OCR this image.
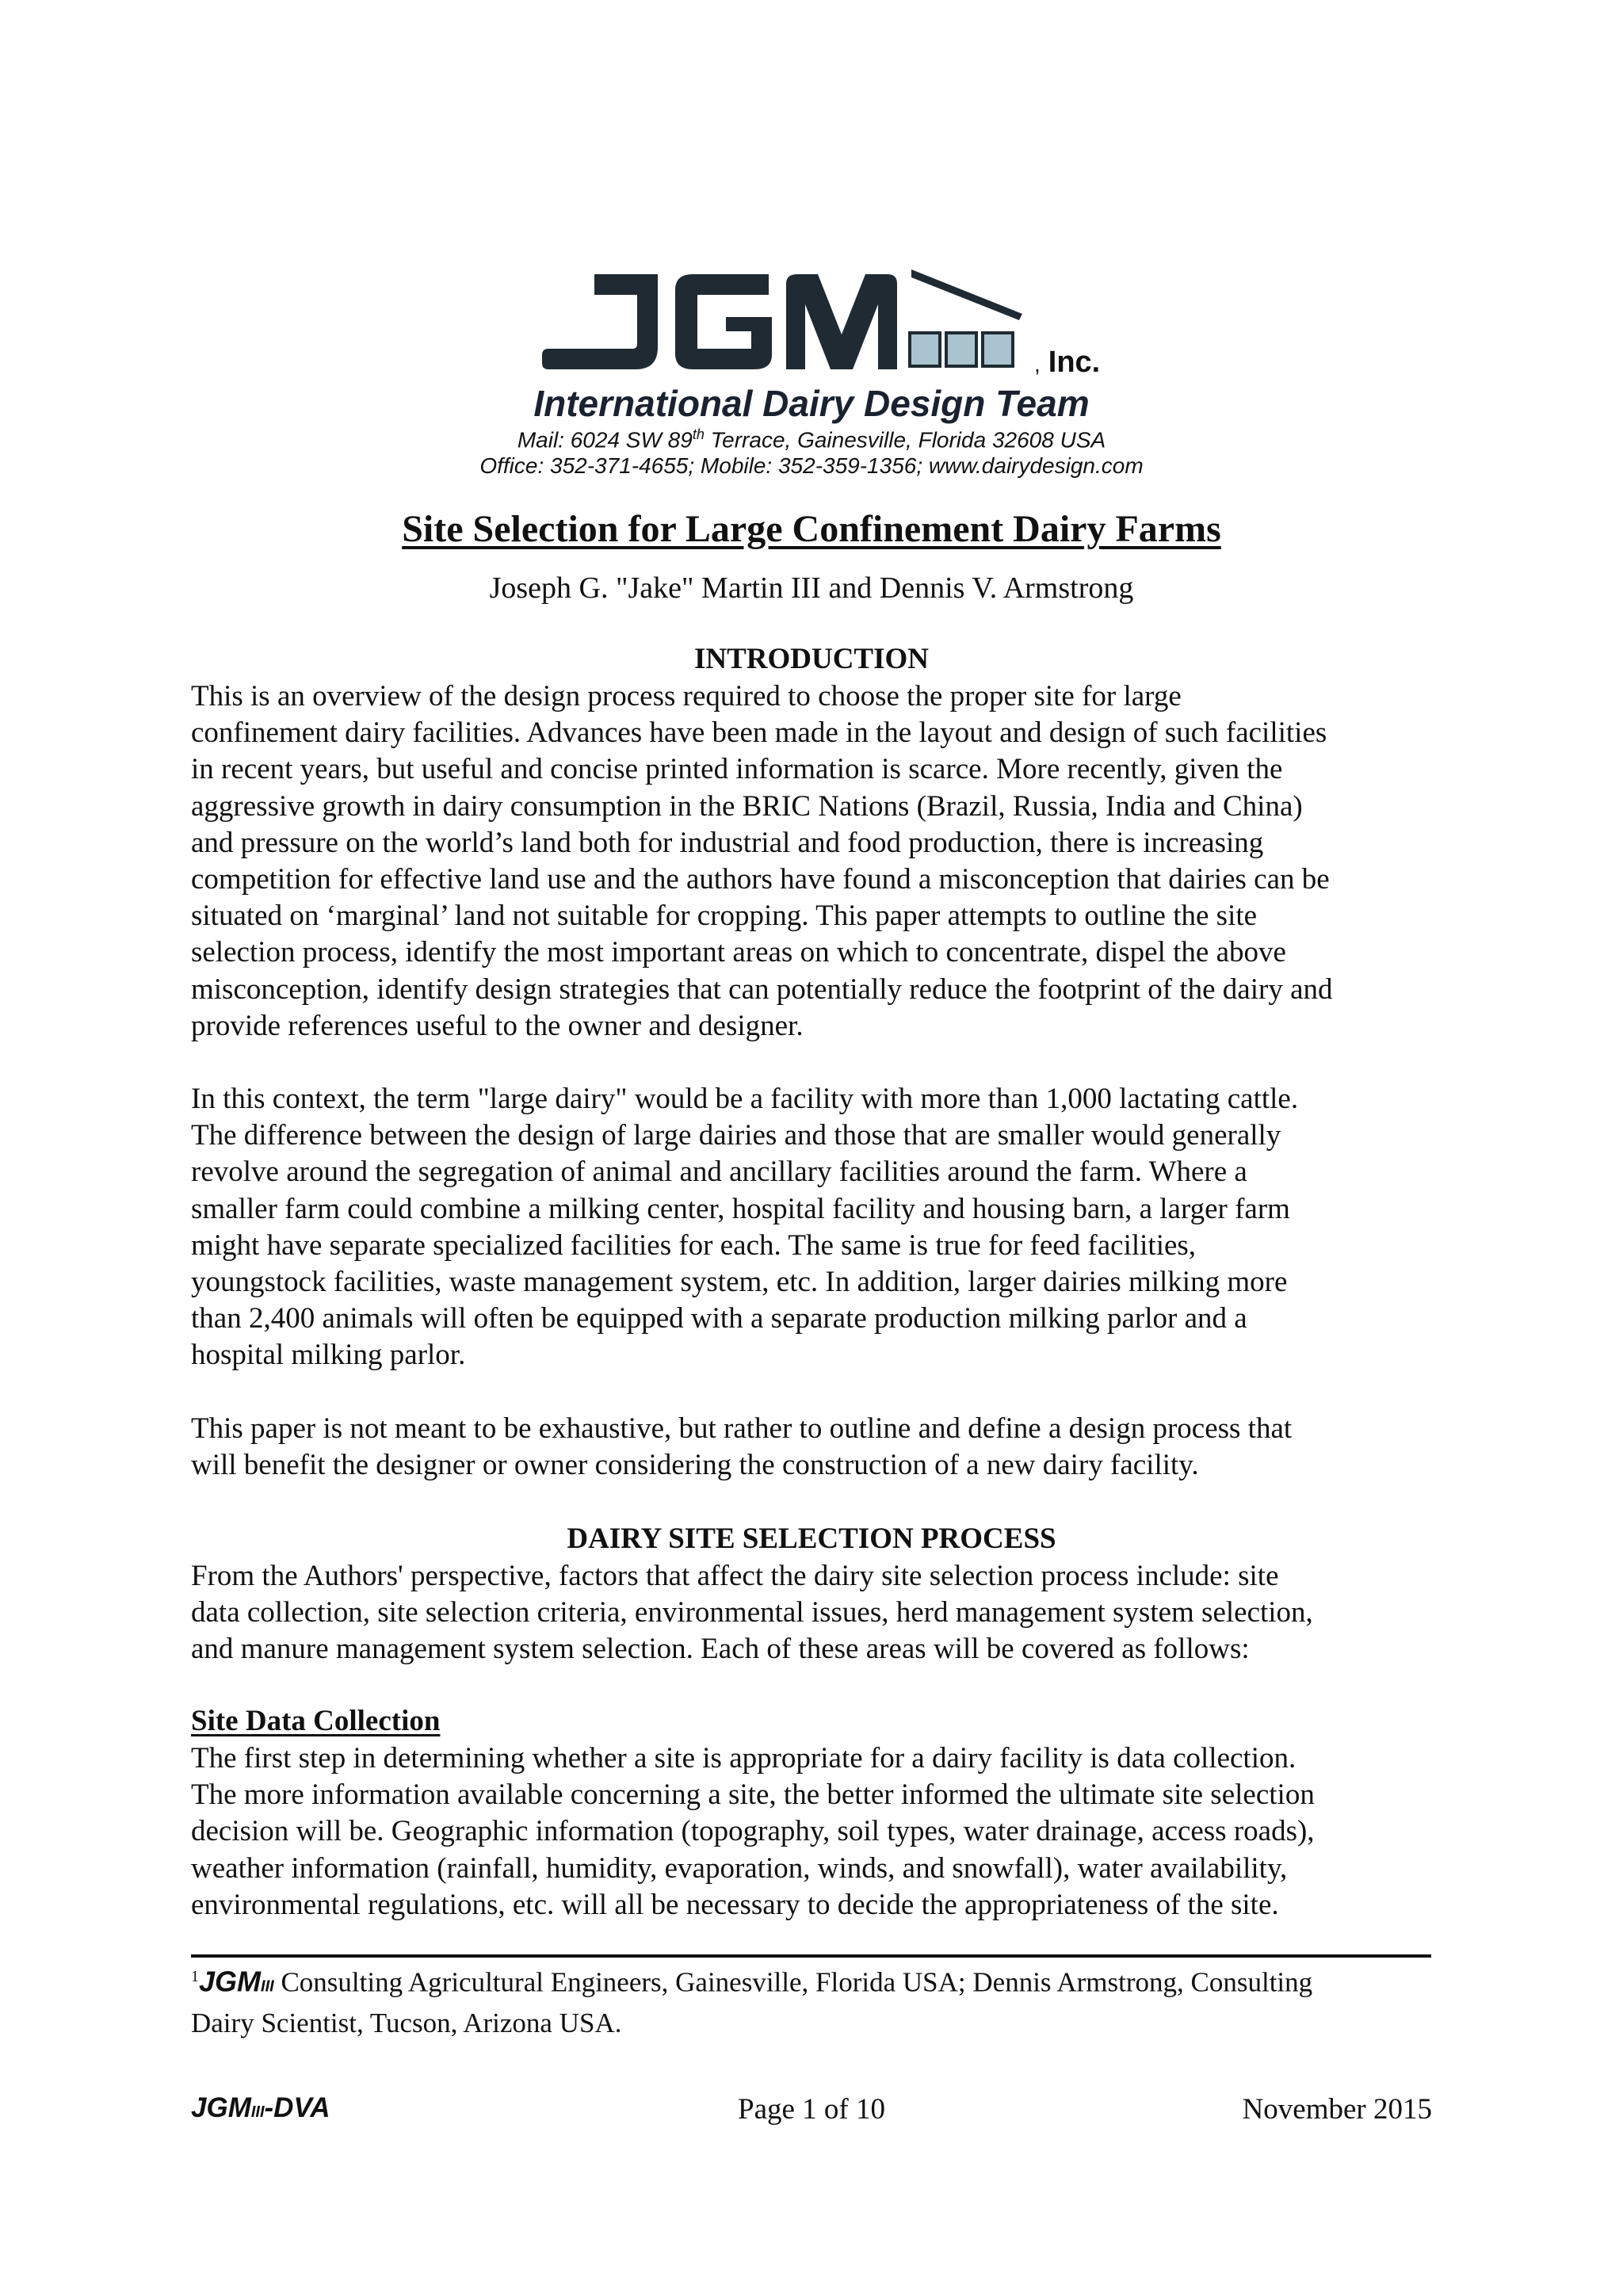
, Inc.
International Dairy Design Team
Mail: 6024 SW 89th Terrace, Gainesville, Florida 32608 USA
Office: 352-371-4655; Mobile: 352-359-1356; www.dairydesign.com
Site Selection for Large Confinement Dairy Farms
Joseph G. "Jake" Martin III and Dennis V. Armstrong
INTRODUCTION
This is an overview of the design process required to choose the proper site for large
confinement dairy facilities. Advances have been made in the layout and design of such facilities
in recent years, but useful and concise printed information is scarce. More recently, given the
aggressive growth in dairy consumption in the BRIC Nations (Brazil, Russia, India and China)
and pressure on the world’s land both for industrial and food production, there is increasing
competition for effective land use and the authors have found a misconception that dairies can be
situated on ‘marginal’ land not suitable for cropping. This paper attempts to outline the site
selection process, identify the most important areas on which to concentrate, dispel the above
misconception, identify design strategies that can potentially reduce the footprint of the dairy and
provide references useful to the owner and designer.
In this context, the term "large dairy" would be a facility with more than 1,000 lactating cattle.
The difference between the design of large dairies and those that are smaller would generally
revolve around the segregation of animal and ancillary facilities around the farm. Where a
smaller farm could combine a milking center, hospital facility and housing barn, a larger farm
might have separate specialized facilities for each. The same is true for feed facilities,
youngstock facilities, waste management system, etc. In addition, larger dairies milking more
than 2,400 animals will often be equipped with a separate production milking parlor and a
hospital milking parlor.
This paper is not meant to be exhaustive, but rather to outline and define a design process that
will benefit the designer or owner considering the construction of a new dairy facility.
DAIRY SITE SELECTION PROCESS
From the Authors' perspective, factors that affect the dairy site selection process include: site
data collection, site selection criteria, environmental issues, herd management system selection,
and manure management system selection. Each of these areas will be covered as follows:
Site Data Collection
The first step in determining whether a site is appropriate for a dairy facility is data collection.
The more information available concerning a site, the better informed the ultimate site selection
decision will be. Geographic information (topography, soil types, water drainage, access roads),
weather information (rainfall, humidity, evaporation, winds, and snowfall), water availability,
environmental regulations, etc. will all be necessary to decide the appropriateness of the site.
$^1$JGMIII Consulting Agricultural Engineers, Gainesville, Florida USA; Dennis Armstrong, Consulting
Dairy Scientist, Tucson, Arizona USA.
JGMIII-DVA	Page 1 of 10	November 2015
